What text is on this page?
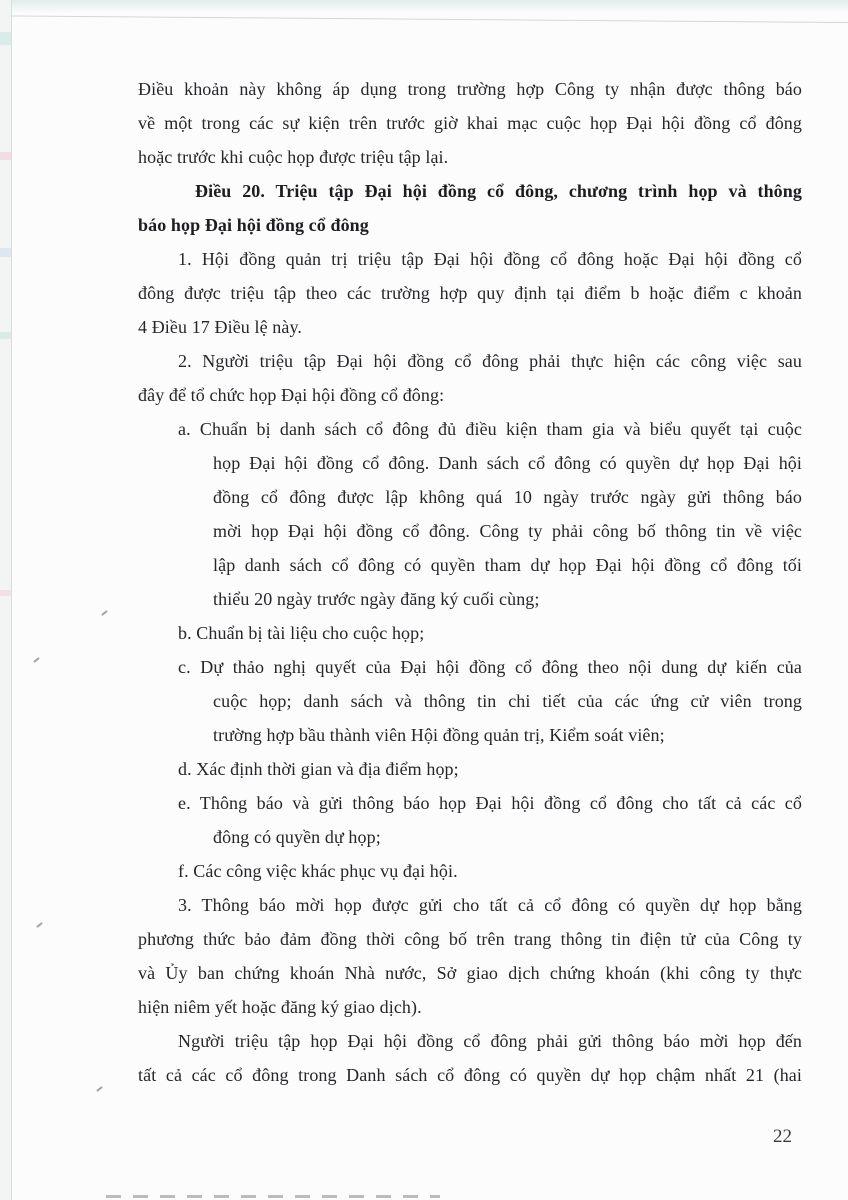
Điều khoản này không áp dụng trong trường hợp Công ty nhận được thông báo
về một trong các sự kiện trên trước giờ khai mạc cuộc họp Đại hội đồng cổ đông
hoặc trước khi cuộc họp được triệu tập lại.
Điều 20. Triệu tập Đại hội đồng cổ đông, chương trình họp và thông
báo họp Đại hội đồng cổ đông
1. Hội đồng quản trị triệu tập Đại hội đồng cổ đông hoặc Đại hội đồng cổ
đông được triệu tập theo các trường hợp quy định tại điểm b hoặc điểm c khoản
4 Điều 17 Điều lệ này.
2. Người triệu tập Đại hội đồng cổ đông phải thực hiện các công việc sau
đây để tổ chức họp Đại hội đồng cổ đông:
a. Chuẩn bị danh sách cổ đông đủ điều kiện tham gia và biểu quyết tại cuộc
họp Đại hội đồng cổ đông. Danh sách cổ đông có quyền dự họp Đại hội
đồng cổ đông được lập không quá 10 ngày trước ngày gửi thông báo
mời họp Đại hội đồng cổ đông. Công ty phải công bố thông tin về việc
lập danh sách cổ đông có quyền tham dự họp Đại hội đồng cổ đông tối
thiểu 20 ngày trước ngày đăng ký cuối cùng;
b. Chuẩn bị tài liệu cho cuộc họp;
c. Dự thảo nghị quyết của Đại hội đồng cổ đông theo nội dung dự kiến của
cuộc họp; danh sách và thông tin chi tiết của các ứng cử viên trong
trường hợp bầu thành viên Hội đồng quản trị, Kiểm soát viên;
d. Xác định thời gian và địa điểm họp;
e. Thông báo và gửi thông báo họp Đại hội đồng cổ đông cho tất cả các cổ
đông có quyền dự họp;
f. Các công việc khác phục vụ đại hội.
3. Thông báo mời họp được gửi cho tất cả cổ đông có quyền dự họp bằng
phương thức bảo đảm đồng thời công bố trên trang thông tin điện tử của Công ty
và Ủy ban chứng khoán Nhà nước, Sở giao dịch chứng khoán (khi công ty thực
hiện niêm yết hoặc đăng ký giao dịch).
Người triệu tập họp Đại hội đồng cổ đông phải gửi thông báo mời họp đến
tất cả các cổ đông trong Danh sách cổ đông có quyền dự họp chậm nhất 21 (hai
22
